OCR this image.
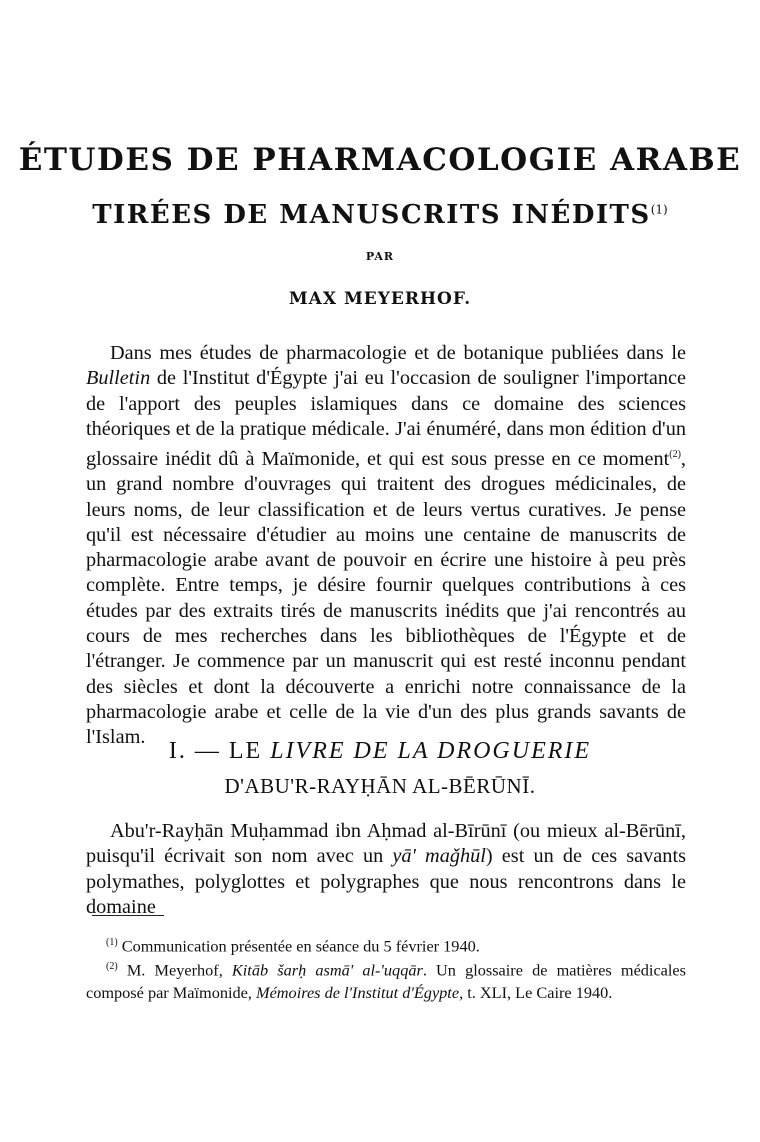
ÉTUDES DE PHARMACOLOGIE ARABE
TIRÉES DE MANUSCRITS INÉDITS$^{(1)}$
PAR
MAX MEYERHOF.

Dans mes études de pharmacologie et de botanique publiées dans le Bulletin de l'Institut d'Égypte j'ai eu l'occasion de souligner l'importance de l'apport des peuples islamiques dans ce domaine des sciences théoriques et de la pratique médicale. J'ai énuméré, dans mon édition d'un glossaire inédit dû à Maïmonide, et qui est sous presse en ce moment$^{(2)}$, un grand nombre d'ouvrages qui traitent des drogues médicinales, de leurs noms, de leur classification et de leurs vertus curatives. Je pense qu'il est nécessaire d'étudier au moins une centaine de manuscrits de pharmacologie arabe avant de pouvoir en écrire une histoire à peu près complète. Entre temps, je désire fournir quelques contributions à ces études par des extraits tirés de manuscrits inédits que j'ai rencontrés au cours de mes recherches dans les bibliothèques de l'Égypte et de l'étranger. Je commence par un manuscrit qui est resté inconnu pendant des siècles et dont la découverte a enrichi notre connaissance de la pharmacologie arabe et celle de la vie d'un des plus grands savants de l'Islam.

I. — LE LIVRE DE LA DROGUERIE
D'ABU'R-RAYḤĀN AL-BĒRŪNĪ.

Abu'r-Rayḥān Muḥammad ibn Aḥmad al-Bīrūnī (ou mieux al-Bērūnī, puisqu'il écrivait son nom avec un yā' maǧhūl) est un de ces savants polymathes, polyglottes et polygraphes que nous rencontrons dans le domaine

$^{(1)}$ Communication présentée en séance du 5 février 1940.

$^{(2)}$ M. Meyerhof, Kitāb šarḥ asmā' al-'uqqār. Un glossaire de matières médicales composé par Maïmonide, Mémoires de l'Institut d'Égypte, t. XLI, Le Caire 1940.
